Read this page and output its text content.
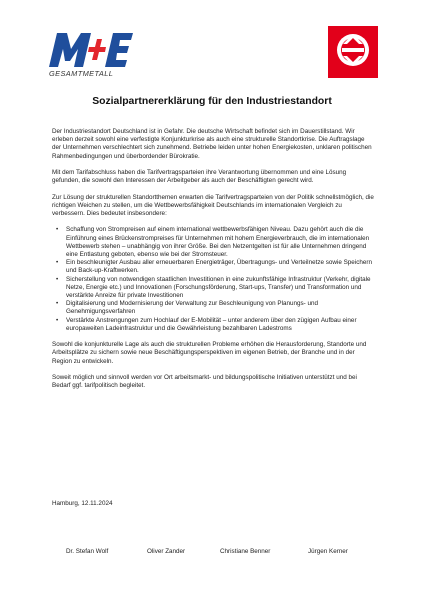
GESAMTMETALL
Sozialpartnererklärung für den Industriestandort

Der Industriestandort Deutschland ist in Gefahr. Die deutsche Wirtschaft befindet sich im Dauerstillstand. Wir erleben derzeit sowohl eine verfestigte Konjunkturkrise als auch eine strukturelle Standortkrise. Die Auftragslage der Unternehmen verschlechtert sich zunehmend. Betriebe leiden unter hohen Energiekosten, unklaren politischen Rahmenbedingungen und überbordender Bürokratie.

Mit dem Tarifabschluss haben die Tarifvertragsparteien ihre Verantwortung übernommen und eine Lösung gefunden, die sowohl den Interessen der Arbeitgeber als auch der Beschäftigten gerecht wird.

Zur Lösung der strukturellen Standortthemen erwarten die Tarifvertragsparteien von der Politik schnellstmöglich, die richtigen Weichen zu stellen, um die Wettbewerbsfähigkeit Deutschlands im internationalen Vergleich zu verbessern. Dies bedeutet insbesondere:

• Schaffung von Strompreisen auf einem international wettbewerbsfähigen Niveau. Dazu gehört auch die die Einführung eines Brückenstrompreises für Unternehmen mit hohem Energieverbrauch, die im internationalen Wettbewerb stehen – unabhängig von ihrer Größe. Bei den Netzentgelten ist für alle Unternehmen dringend eine Entlastung geboten, ebenso wie bei der Stromsteuer.
• Ein beschleunigter Ausbau aller erneuerbaren Energieträger, Übertragungs- und Verteilnetze sowie Speichern und Back-up-Kraftwerken.
• Sicherstellung von notwendigen staatlichen Investitionen in eine zukunftsfähige Infrastruktur (Verkehr, digitale Netze, Energie etc.) und Innovationen (Forschungsförderung, Start-ups, Transfer) und Transformation und verstärkte Anreize für private Investitionen
• Digitalisierung und Modernisierung der Verwaltung zur Beschleunigung von Planungs- und Genehmigungsverfahren
• Verstärkte Anstrengungen zum Hochlauf der E-Mobilität – unter anderem über den zügigen Aufbau einer europaweiten Ladeinfrastruktur und die Gewährleistung bezahlbaren Ladestroms

Sowohl die konjunkturelle Lage als auch die strukturellen Probleme erhöhen die Herausforderung, Standorte und Arbeitsplätze zu sichern sowie neue Beschäftigungsperspektiven im eigenen Betrieb, der Branche und in der Region zu entwickeln.

Soweit möglich und sinnvoll werden vor Ort arbeitsmarkt- und bildungspolitische Initiativen unterstützt und bei Bedarf ggf. tarifpolitisch begleitet.

Hamburg, 12.11.2024
Dr. Stefan Wolf	Oliver Zander	Christiane Benner	Jürgen Kerner
